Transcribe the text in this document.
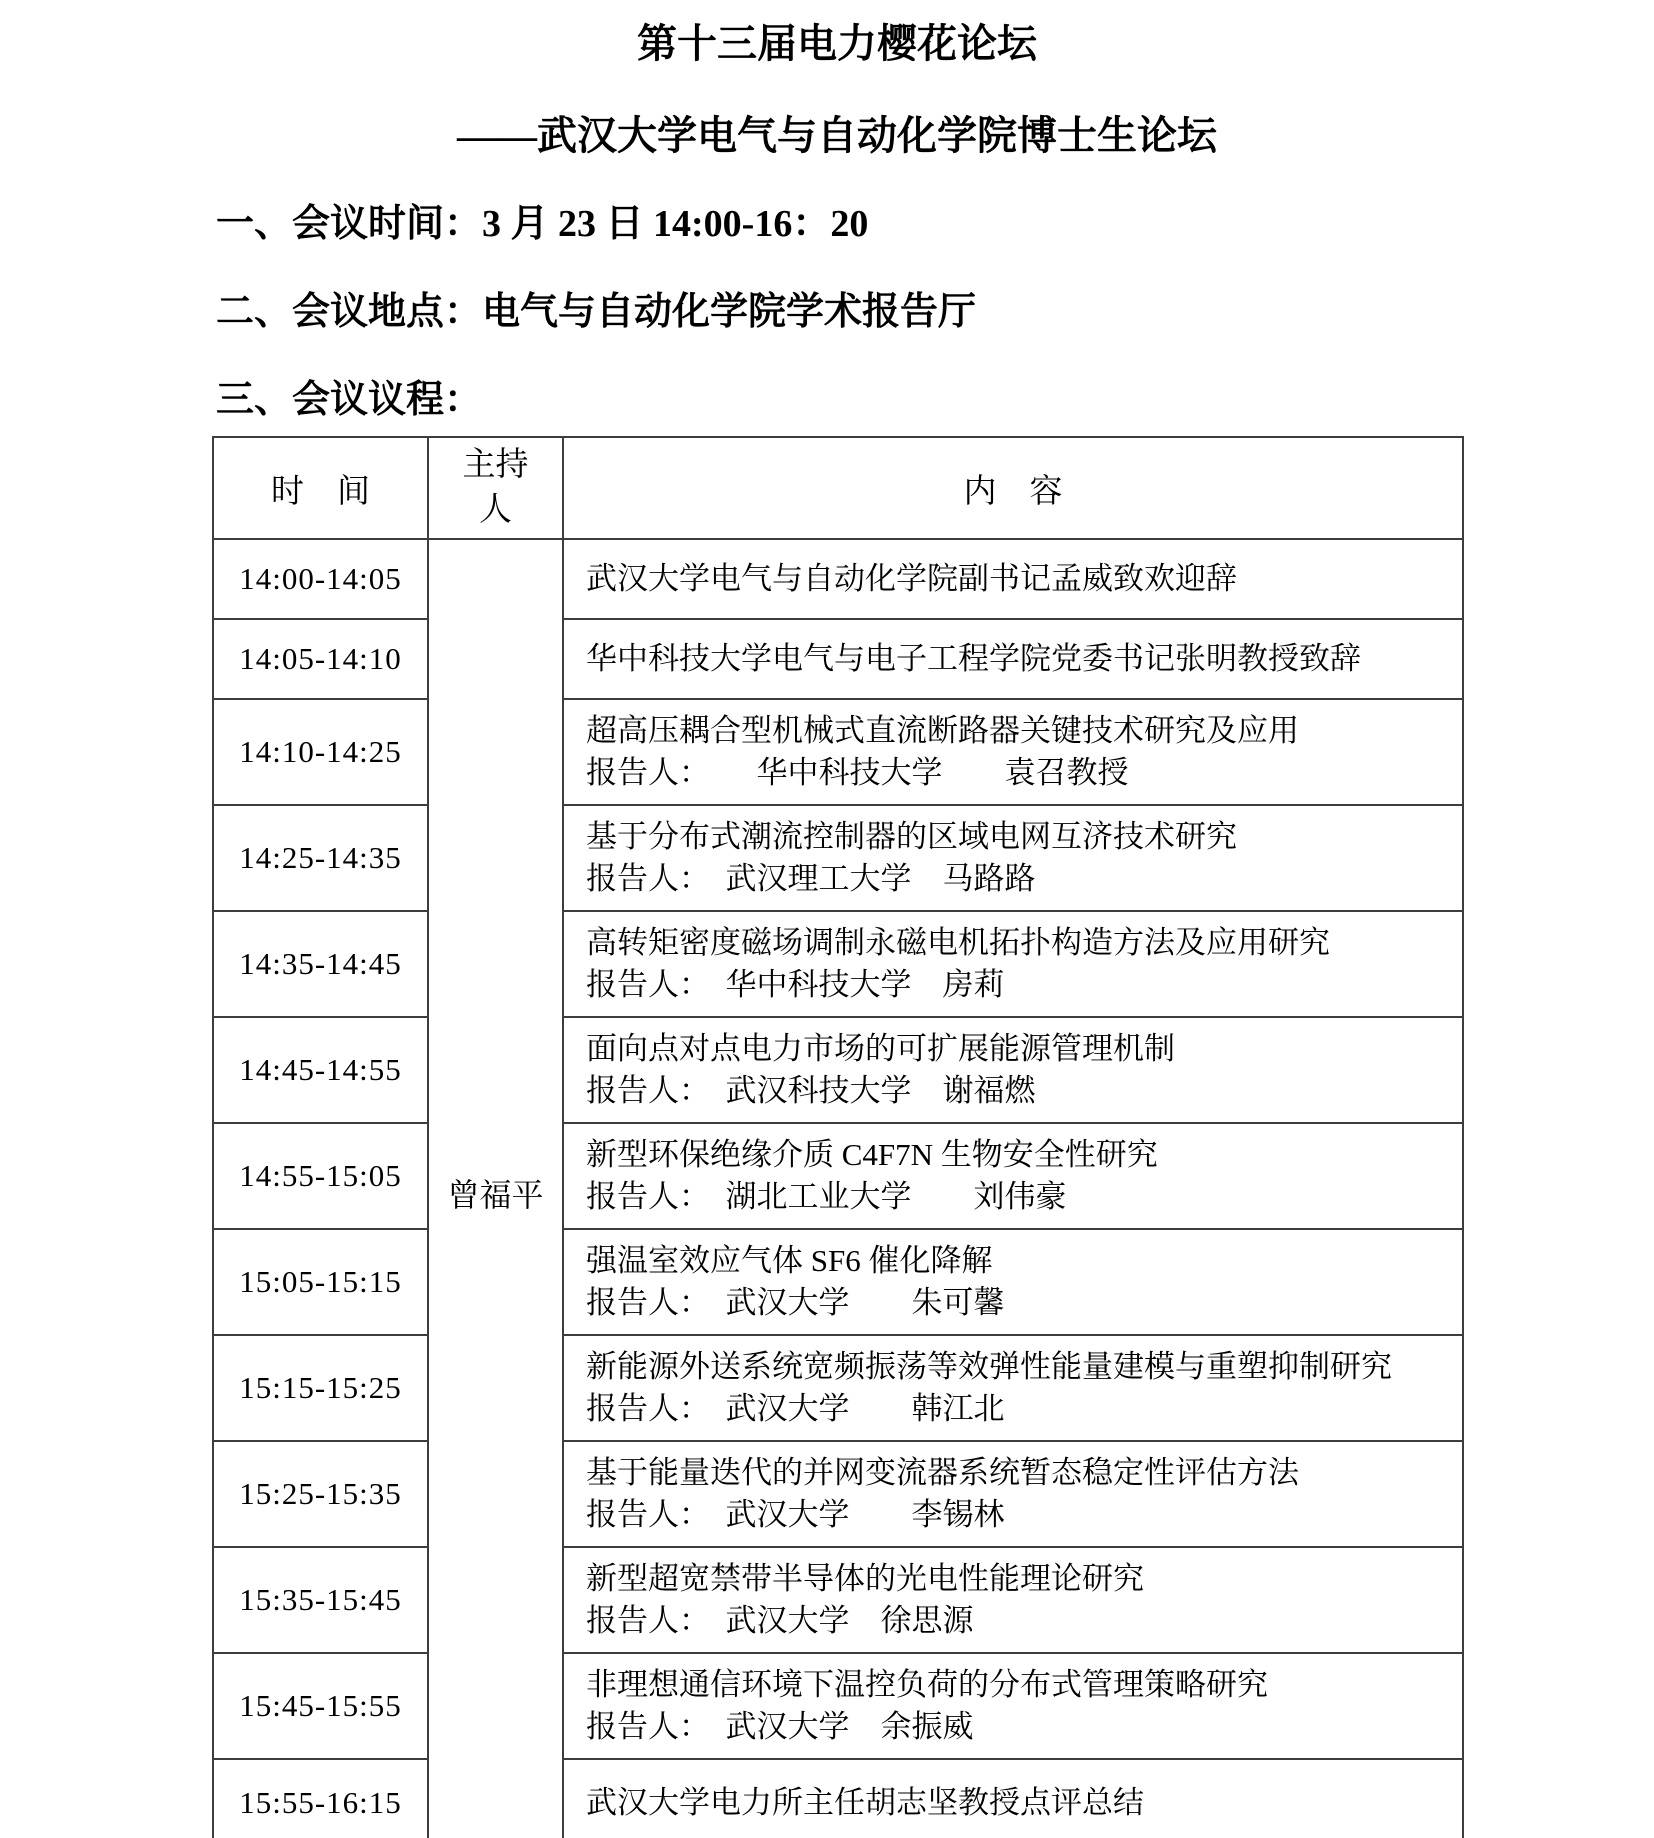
第十三届电力樱花论坛
——武汉大学电气与自动化学院博士生论坛
一、会议时间：3 月 23 日 14:00-16：20
二、会议地点：电气与自动化学院学术报告厅
三、会议议程：
时　间	主持人	内　容
14:00-14:05	曾福平	武汉大学电气与自动化学院副书记孟威致欢迎辞

14:05-14:10		华中科技大学电气与电子工程学院党委书记张明教授致辞

14:10-14:25		超高压耦合型机械式直流断路器关键技术研究及应用
报告人：　　华中科技大学　　袁召教授

14:25-14:35		基于分布式潮流控制器的区域电网互济技术研究
报告人：　武汉理工大学　马路路

14:35-14:45		高转矩密度磁场调制永磁电机拓扑构造方法及应用研究
报告人：　华中科技大学　房莉

14:45-14:55		面向点对点电力市场的可扩展能源管理机制
报告人：　武汉科技大学　谢福燃

14:55-15:05		新型环保绝缘介质 C4F7N 生物安全性研究
报告人：　湖北工业大学　　刘伟豪

15:05-15:15		强温室效应气体 SF6 催化降解
报告人：　武汉大学　　朱可馨

15:15-15:25		新能源外送系统宽频振荡等效弹性能量建模与重塑抑制研究
报告人：　武汉大学　　韩江北

15:25-15:35		基于能量迭代的并网变流器系统暂态稳定性评估方法
报告人：　武汉大学　　李锡林

15:35-15:45		新型超宽禁带半导体的光电性能理论研究
报告人：　武汉大学　徐思源

15:45-15:55		非理想通信环境下温控负荷的分布式管理策略研究
报告人：　武汉大学　余振威

15:55-16:15		武汉大学电力所主任胡志坚教授点评总结
